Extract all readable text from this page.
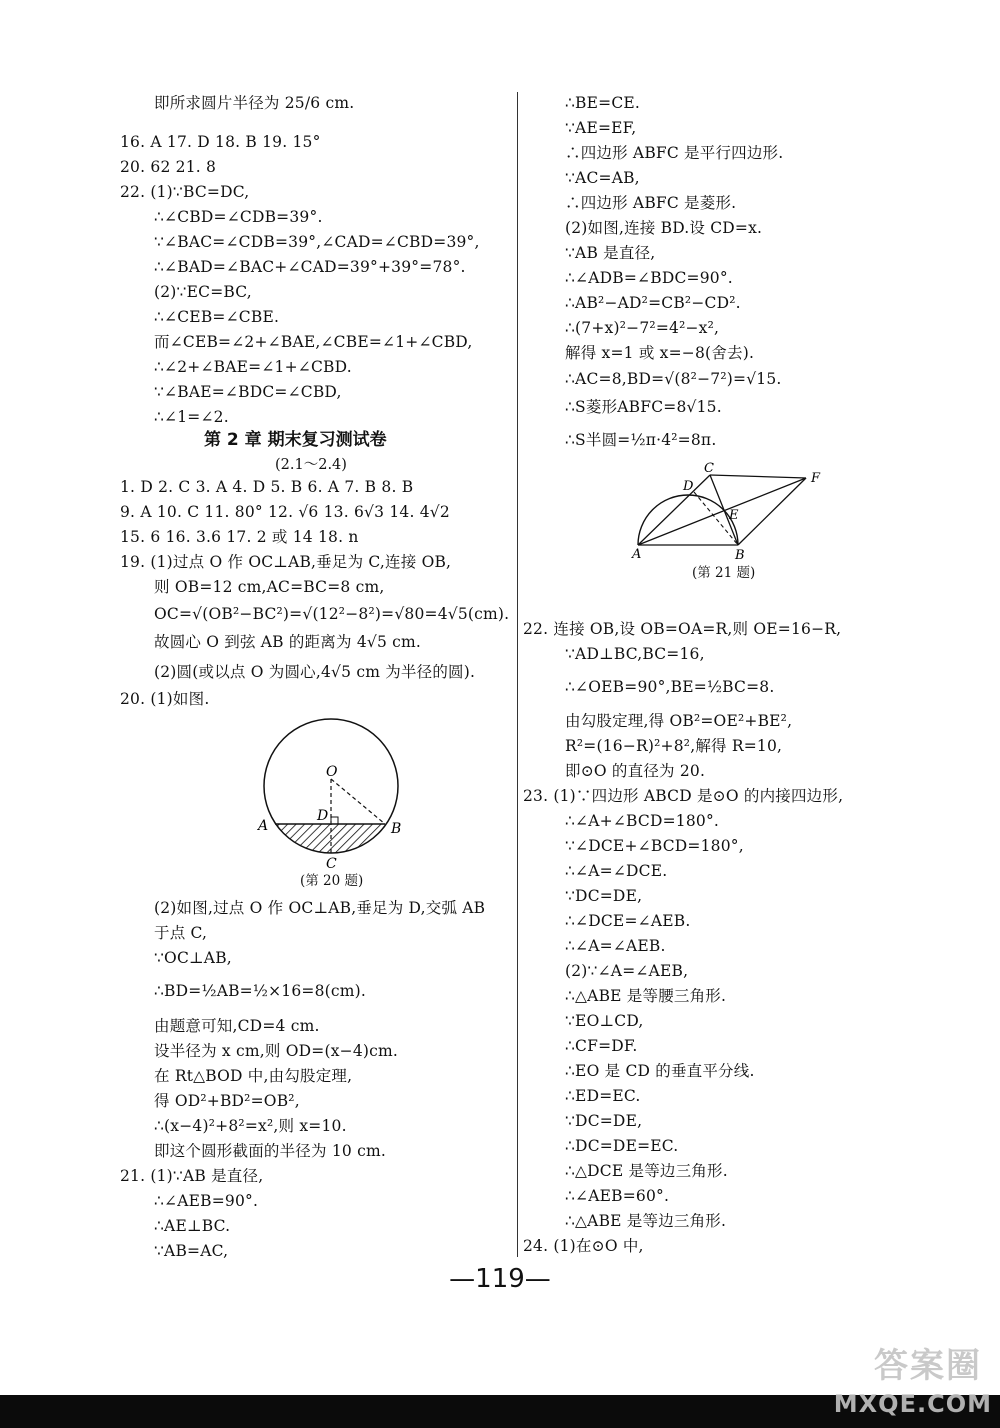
即所求圆片半径为 25/6 cm.
16. A 17. D 18. B 19. 15°
20. 62 21. 8
22. (1)∵BC=DC,
∴∠CBD=∠CDB=39°.
∵∠BAC=∠CDB=39°,∠CAD=∠CBD=39°,
∴∠BAD=∠BAC+∠CAD=39°+39°=78°.
(2)∵EC=BC,
∴∠CEB=∠CBE.
而∠CEB=∠2+∠BAE,∠CBE=∠1+∠CBD,
∴∠2+∠BAE=∠1+∠CBD.
∵∠BAE=∠BDC=∠CBD,
∴∠1=∠2.
第 2 章 期末复习测试卷
(2.1～2.4)
1. D 2. C 3. A 4. D 5. B 6. A 7. B 8. B
9. A 10. C 11. 80° 12. √6 13. 6√3 14. 4√2
15. 6 16. 3.6 17. 2 或 14 18. n
19. (1)过点 O 作 OC⊥AB,垂足为 C,连接 OB,
则 OB=12 cm,AC=BC=8 cm,
OC=√(OB²−BC²)=√(12²−8²)=√80=4√5(cm).
故圆心 O 到弦 AB 的距离为 4√5 cm.
(2)圆(或以点 O 为圆心,4√5 cm 为半径的圆).
20. (1)如图.
(2)如图,过点 O 作 OC⊥AB,垂足为 D,交弧 AB
于点 C,
∵OC⊥AB,
∴BD=½AB=½×16=8(cm).
由题意可知,CD=4 cm.
设半径为 x cm,则 OD=(x−4)cm.
在 Rt△BOD 中,由勾股定理,
得 OD²+BD²=OB²,
∴(x−4)²+8²=x²,则 x=10.
即这个圆形截面的半径为 10 cm.
21. (1)∵AB 是直径,
∴∠AEB=90°.
∴AE⊥BC.
∵AB=AC,
∴BE=CE.
∵AE=EF,
∴四边形 ABFC 是平行四边形.
∵AC=AB,
∴四边形 ABFC 是菱形.
(2)如图,连接 BD.设 CD=x.
∵AB 是直径,
∴∠ADB=∠BDC=90°.
∴AB²−AD²=CB²−CD².
∴(7+x)²−7²=4²−x²,
解得 x=1 或 x=−8(舍去).
∴AC=8,BD=√(8²−7²)=√15.
∴S菱形ABFC=8√15.
∴S半圆=½π·4²=8π.
22. 连接 OB,设 OB=OA=R,则 OE=16−R,
∵AD⊥BC,BC=16,
∴∠OEB=90°,BE=½BC=8.
由勾股定理,得 OB²=OE²+BE²,
R²=(16−R)²+8²,解得 R=10,
即⊙O 的直径为 20.
23. (1)∵四边形 ABCD 是⊙O 的内接四边形,
∴∠A+∠BCD=180°.
∵∠DCE+∠BCD=180°,
∴∠A=∠DCE.
∵DC=DE,
∴∠DCE=∠AEB.
∴∠A=∠AEB.
(2)∵∠A=∠AEB,
∴△ABE 是等腰三角形.
∵EO⊥CD,
∴CF=DF.
∴EO 是 CD 的垂直平分线.
∴ED=EC.
∵DC=DE,
∴DC=DE=EC.
∴△DCE 是等边三角形.
∴∠AEB=60°.
∴△ABE 是等边三角形.
24. (1)在⊙O 中,
O
D
A	B
C
(第 20 题)
C
F
D
E
A	B
(第 21 题)
—119—
答案圈
MXQE.COM
